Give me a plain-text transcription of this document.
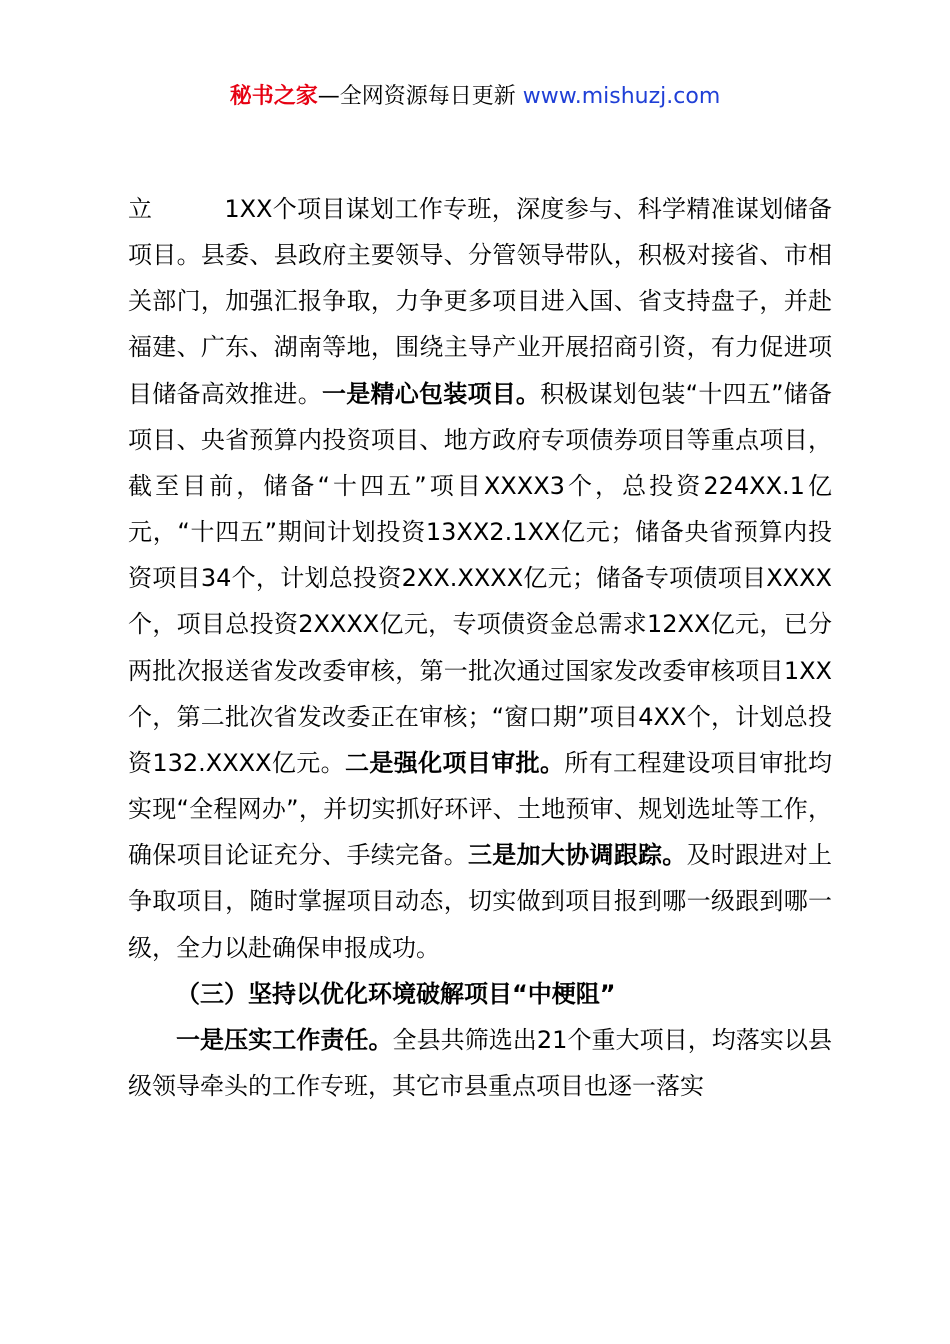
秘书之家—全网资源每日更新 www.mishuzj.com

立	1XX个项目谋划工作专班，深度参与、科学精准谋划储备项目。县委、县政府主要领导、分管领导带队，积极对接省、市相关部门，加强汇报争取，力争更多项目进入国、省支持盘子，并赴福建、广东、湖南等地，围绕主导产业开展招商引资，有力促进项目储备高效推进。一是精心包装项目。积极谋划包装“十四五”储备项目、央省预算内投资项目、地方政府专项债券项目等重点项目，截至目前，储备“十四五”项目XXXX3个，总投资224XX.1亿元，“十四五”期间计划投资13XX2.1XX亿元；储备央省预算内投资项目34个，计划总投资2XX.XXXX亿元；储备专项债项目XXXX个，项目总投资2XXXX亿元，专项债资金总需求12XX亿元，已分两批次报送省发改委审核，第一批次通过国家发改委审核项目1XX个，第二批次省发改委正在审核；“窗口期”项目4XX个，计划总投资132.XXXX亿元。二是强化项目审批。所有工程建设项目审批均实现“全程网办”，并切实抓好环评、土地预审、规划选址等工作，确保项目论证充分、手续完备。三是加大协调跟踪。及时跟进对上争取项目，随时掌握项目动态，切实做到项目报到哪一级跟到哪一级，全力以赴确保申报成功。

（三）坚持以优化环境破解项目“中梗阻”

一是压实工作责任。全县共筛选出21个重大项目，均落实以县级领导牵头的工作专班，其它市县重点项目也逐一落实
